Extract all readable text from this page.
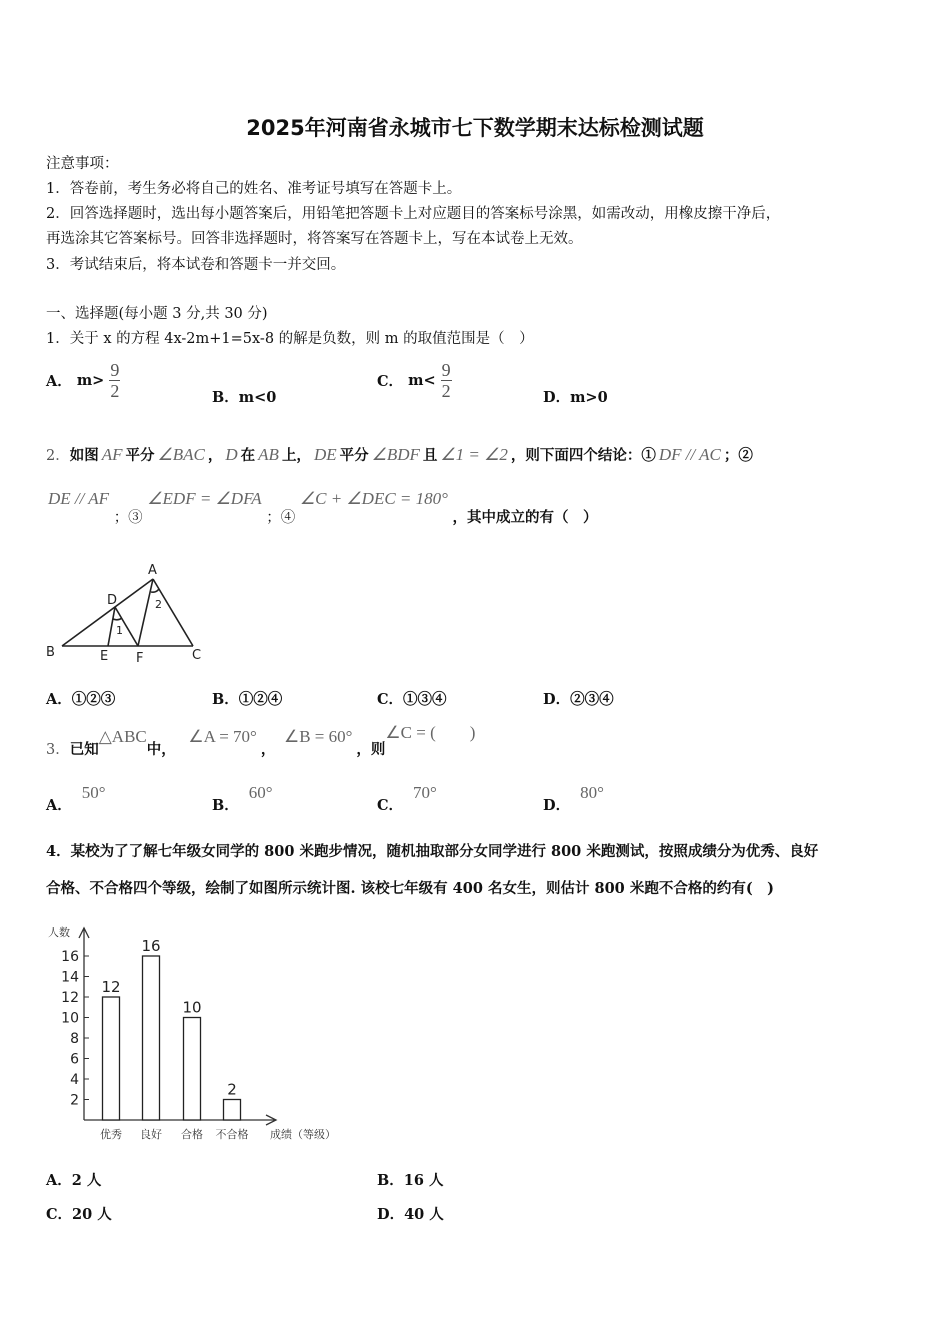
2025年河南省永城市七下数学期末达标检测试题
注意事项：
1．答卷前，考生务必将自己的姓名、准考证号填写在答题卡上。
2．回答选择题时，选出每小题答案后，用铅笔把答题卡上对应题目的答案标号涂黑，如需改动，用橡皮擦干净后，
再选涂其它答案标号。回答非选择题时，将答案写在答题卡上，写在本试卷上无效。
3．考试结束后，将本试卷和答题卡一并交回。
一、选择题(每小题 3 分,共 30 分)
1．关于 x 的方程 4x-2m+1=5x-8 的解是负数，则 m 的取值范围是（　）
A． $m> \frac{9}{2}$	B．m<0
C． $m< \frac{9}{2}$	D．m>0
2．如图 AF 平分 ∠BAC ， D 在 AB 上， DE 平分 ∠BDF 且 ∠1 = ∠2 ，则下面四个结论：① DF // AC ；②
DE // AF ；③ ∠EDF = ∠DFA ；④ ∠C + ∠DEC = 180° ，其中成立的有（　）
A
B	C
D
E F
1
2
A．①②③	B．①②④	C．①③④	D．②③④
3．已知△ABC中， ∠A = 70°， ∠B = 60°，则∠C = (　　)
A．50°
B．60°
C．70°
D．80°
4．某校为了了解七年级女同学的 800 米跑步情况，随机抽取部分女同学进行 800 米跑测试，按照成绩分为优秀、良好
合格、不合格四个等级，绘制了如图所示统计图. 该校七年级有 400 名女生，则估计 800 米跑不合格的约有(　)
人数
成绩（等级）
2
4
6
8
10
12
14
16
12
优秀
16
良好
10
合格
2
不合格
A．2 人	B．16 人
C．20 人	D．40 人
